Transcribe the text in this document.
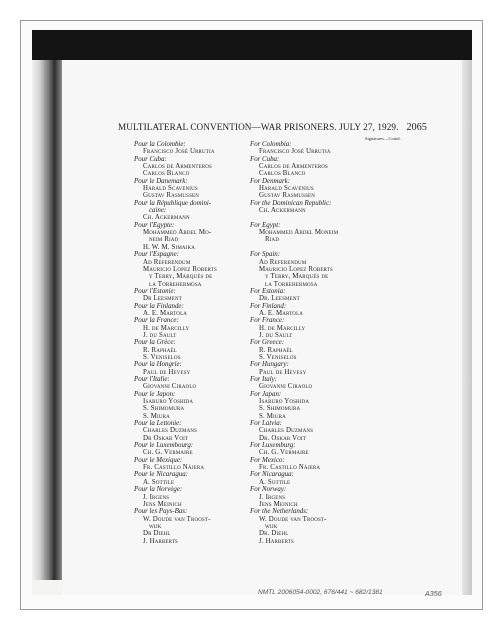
MULTILATERAL CONVENTION—WAR PRISONERS. JULY 27, 1929. 2065
Signatures—Contd.
Pour la Colombie:
Francisco José Urrutia
Pour Cuba:
Carlos de Armenteros
Carlos Blanco
Pour le Danemark:
Harald Scavenius
Gustav Rasmussen
Pour la République domini-
caine:
Ch. Ackermann
Pour l'Egypte:
Mohammed Abdel Mo-
neim Riad
H. W. M. Simaika
Pour l'Espagne:
Ad Referendum
Mauricio Lopez Roberts
y Terry, Marqués de
la Torrehermosa
Pour l'Estonie:
Dr Leesment
Pour la Finlande:
A. E. Martola
Pour la France:
H. de Marcilly
J. du Sault
Pour la Grèce:
R. Raphaël
S. Veniselos
Pour la Hongrie:
Paul de Hevesy
Pour l'Italie:
Giovanni Ciraolo
Pour le Japon:
Isaburo Yoshida
S. Shimomura
S. Miura
Pour la Lettonie:
Charles Duzmans
Dr Oskar Voit
Pour le Luxembourg:
Ch. G. Vermaire
Pour le Mexique:
Fr. Castillo Nájera
Pour le Nicaragua:
A. Sottile
Pour la Norvège:
J. Irgens
Jens Meinich
Pour les Pays-Bas:
W. Doude van Troost-
wijk
Dr Diehl
J. Harberts
For Colombia:
Francisco José Urrutia
For Cuba:
Carlos de Armenteros
Carlos Blanco
For Denmark:
Harald Scavenius
Gustav Rasmussen
For the Dominican Republic:
Ch. Ackermann

For Egypt:
Mohammed Abdel Moneim
Riad

For Spain:
Ad Referendum
Mauricio Lopez Roberts
y Terry, Marqués de
la Torrehermosa
For Estonia:
Dr. Leesment
For Finland:
A. E. Martola
For France:
H. de Marcilly
J. du Sault
For Greece:
R. Raphaël
S. Veniselos
For Hungary:
Paul de Hevesy
For Italy:
Giovanni Ciraolo
For Japan:
Isaburo Yoshida
S. Shimomura
S. Miura
For Latvia:
Charles Duzmans
Dr. Oskar Voit
For Luxemburg:
Ch. G. Vermaire
For Mexico:
Fr. Castillo Nájera
For Nicaragua:
A. Sottile
For Norway:
J. Irgens
Jens Meinich
For the Netherlands:
W. Doude van Troost-
wijk
Dr. Diehl
J. Harberts
NMTL 2006054-0002, 676/441 ~ 682/1381	A356
